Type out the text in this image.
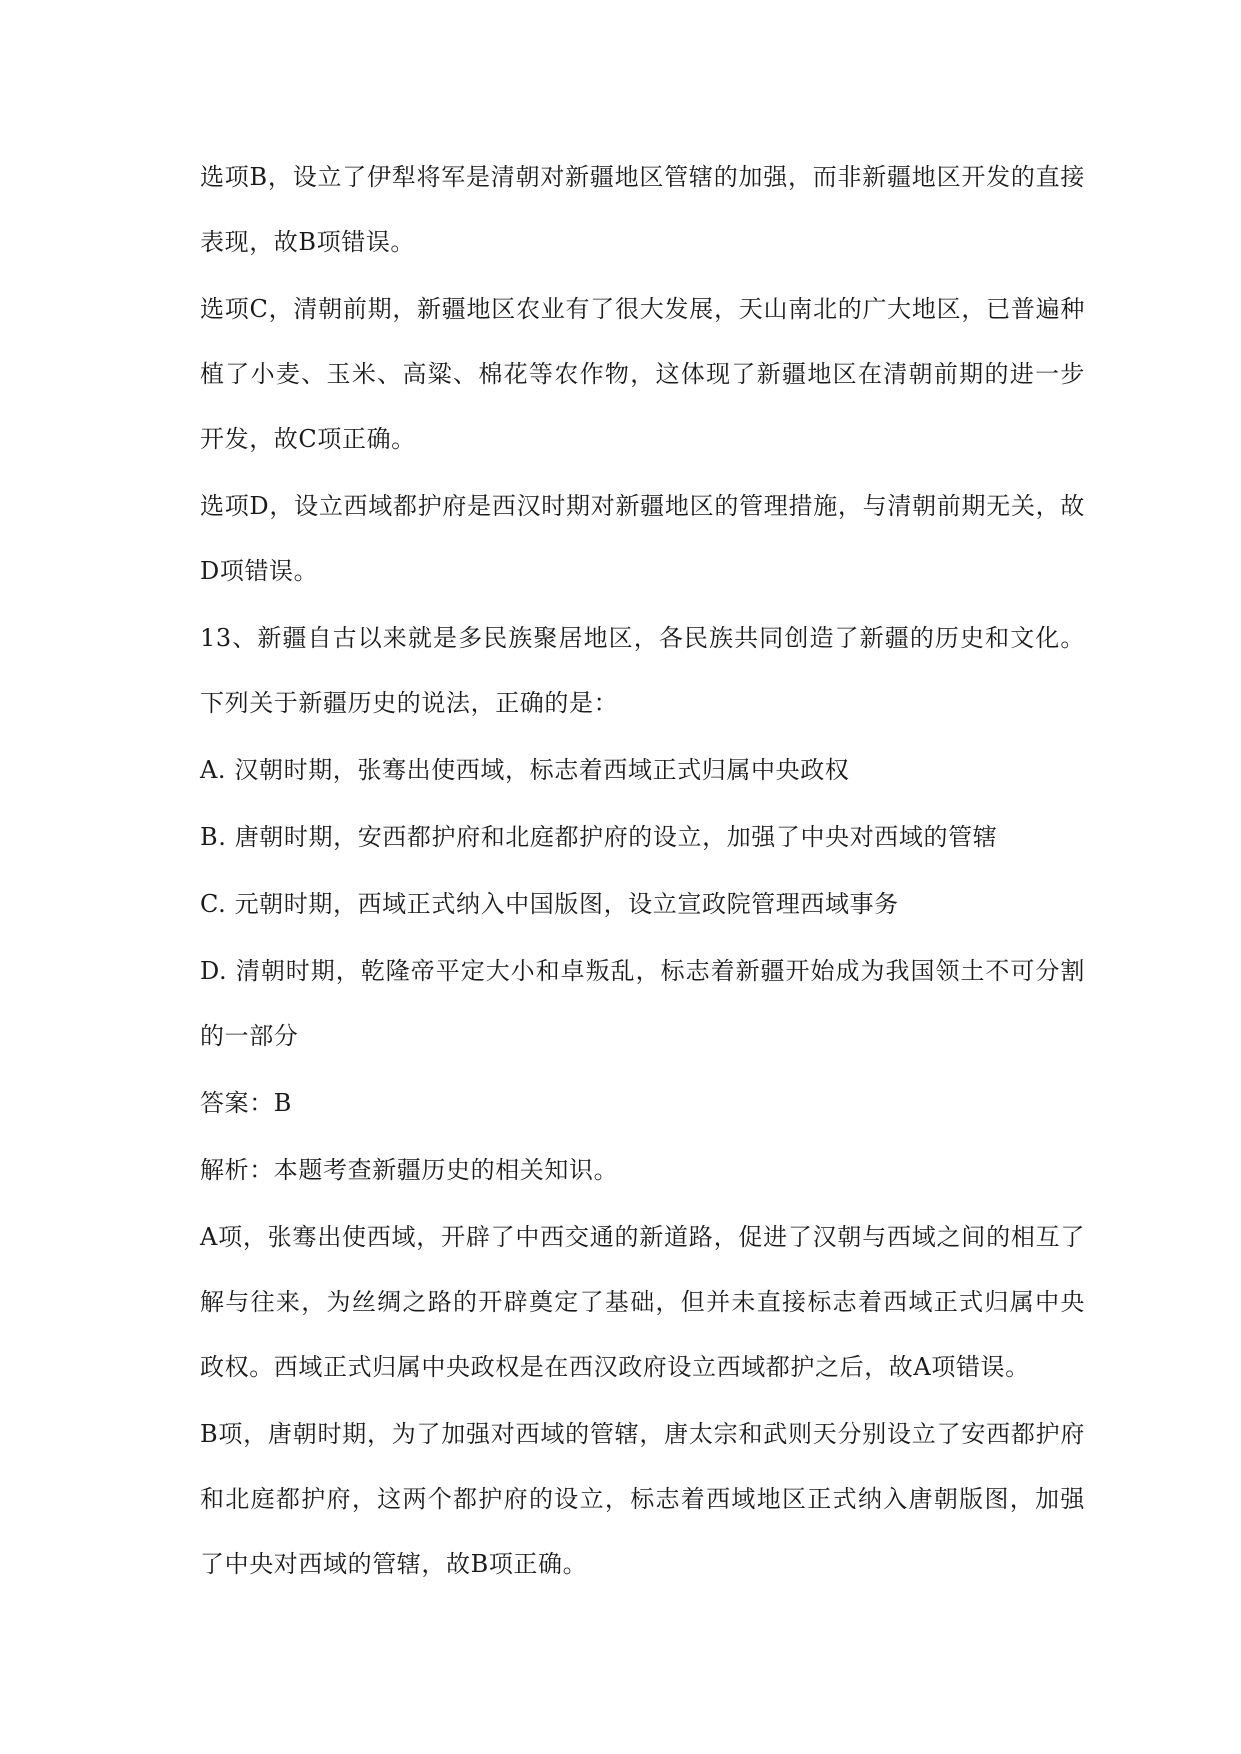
选项B，设立了伊犁将军是清朝对新疆地区管辖的加强，而非新疆地区开发的直接表现，故B项错误。

选项C，清朝前期，新疆地区农业有了很大发展，天山南北的广大地区，已普遍种植了小麦、玉米、高粱、棉花等农作物，这体现了新疆地区在清朝前期的进一步开发，故C项正确。

选项D，设立西域都护府是西汉时期对新疆地区的管理措施，与清朝前期无关，故D项错误。

13、新疆自古以来就是多民族聚居地区，各民族共同创造了新疆的历史和文化。下列关于新疆历史的说法，正确的是：

A. 汉朝时期，张骞出使西域，标志着西域正式归属中央政权

B. 唐朝时期，安西都护府和北庭都护府的设立，加强了中央对西域的管辖

C. 元朝时期，西域正式纳入中国版图，设立宣政院管理西域事务

D. 清朝时期，乾隆帝平定大小和卓叛乱，标志着新疆开始成为我国领土不可分割的一部分

答案：B

解析：本题考查新疆历史的相关知识。

A项，张骞出使西域，开辟了中西交通的新道路，促进了汉朝与西域之间的相互了解与往来，为丝绸之路的开辟奠定了基础，但并未直接标志着西域正式归属中央政权。西域正式归属中央政权是在西汉政府设立西域都护之后，故A项错误。

B项，唐朝时期，为了加强对西域的管辖，唐太宗和武则天分别设立了安西都护府和北庭都护府，这两个都护府的设立，标志着西域地区正式纳入唐朝版图，加强了中央对西域的管辖，故B项正确。
